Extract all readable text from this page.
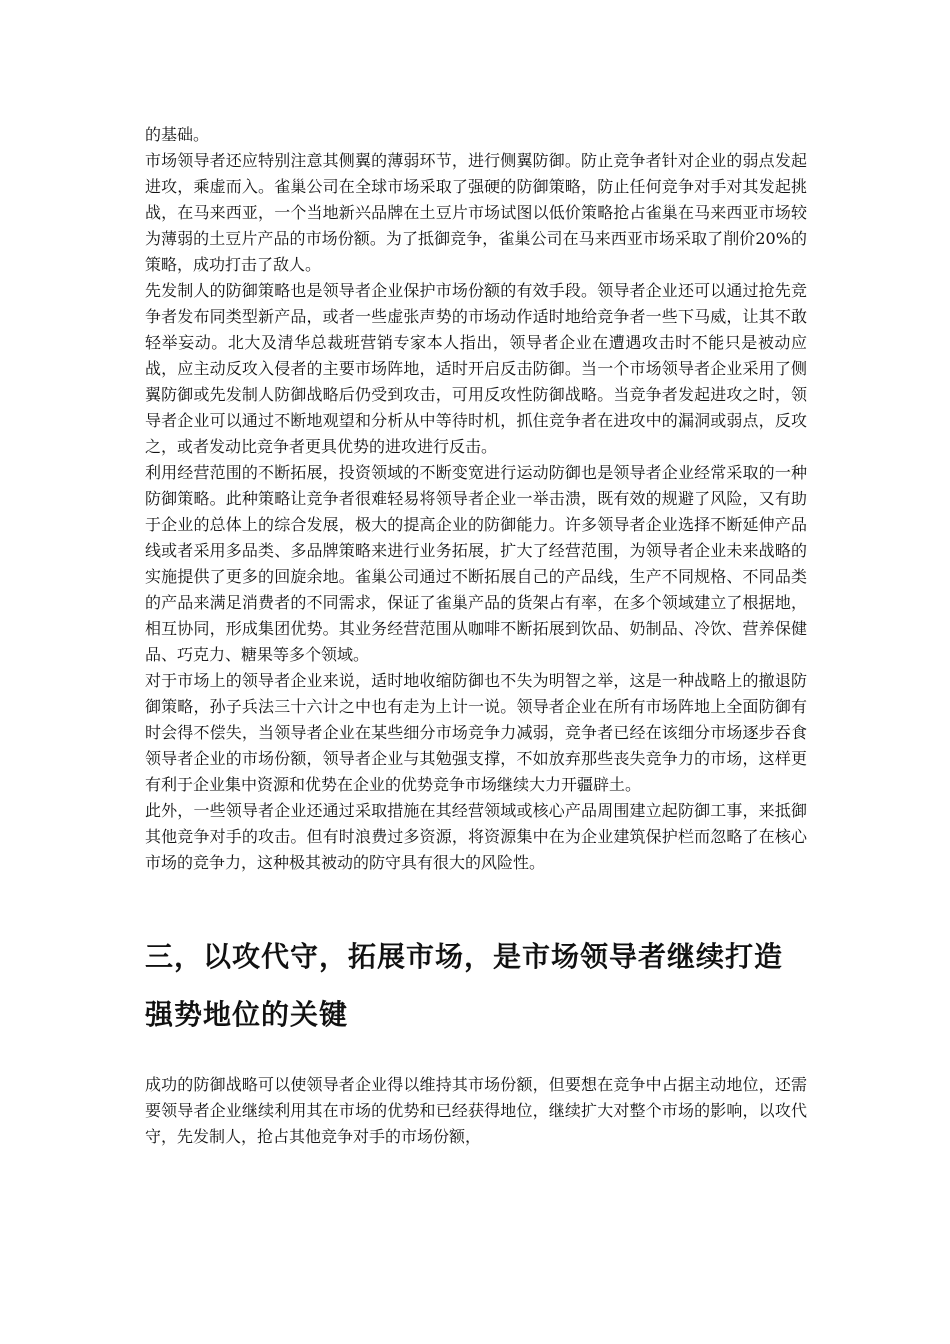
的基础。

市场领导者还应特别注意其侧翼的薄弱环节，进行侧翼防御。防止竞争者针对企业的弱点发起进攻，乘虚而入。雀巢公司在全球市场采取了强硬的防御策略，防止任何竞争对手对其发起挑战，在马来西亚，一个当地新兴品牌在土豆片市场试图以低价策略抢占雀巢在马来西亚市场较为薄弱的土豆片产品的市场份额。为了抵御竞争，雀巢公司在马来西亚市场采取了削价20%的策略，成功打击了敌人。

先发制人的防御策略也是领导者企业保护市场份额的有效手段。领导者企业还可以通过抢先竞争者发布同类型新产品，或者一些虚张声势的市场动作适时地给竞争者一些下马威，让其不敢轻举妄动。北大及清华总裁班营销专家本人指出，领导者企业在遭遇攻击时不能只是被动应战，应主动反攻入侵者的主要市场阵地，适时开启反击防御。当一个市场领导者企业采用了侧翼防御或先发制人防御战略后仍受到攻击，可用反攻性防御战略。当竞争者发起进攻之时，领导者企业可以通过不断地观望和分析从中等待时机，抓住竞争者在进攻中的漏洞或弱点，反攻之，或者发动比竞争者更具优势的进攻进行反击。

利用经营范围的不断拓展，投资领域的不断变宽进行运动防御也是领导者企业经常采取的一种防御策略。此种策略让竞争者很难轻易将领导者企业一举击溃，既有效的规避了风险，又有助于企业的总体上的综合发展，极大的提高企业的防御能力。许多领导者企业选择不断延伸产品线或者采用多品类、多品牌策略来进行业务拓展，扩大了经营范围，为领导者企业未来战略的实施提供了更多的回旋余地。雀巢公司通过不断拓展自己的产品线，生产不同规格、不同品类的产品来满足消费者的不同需求，保证了雀巢产品的货架占有率，在多个领域建立了根据地，相互协同，形成集团优势。其业务经营范围从咖啡不断拓展到饮品、奶制品、冷饮、营养保健品、巧克力、糖果等多个领域。

对于市场上的领导者企业来说，适时地收缩防御也不失为明智之举，这是一种战略上的撤退防御策略，孙子兵法三十六计之中也有走为上计一说。领导者企业在所有市场阵地上全面防御有时会得不偿失，当领导者企业在某些细分市场竞争力减弱，竞争者已经在该细分市场逐步吞食领导者企业的市场份额，领导者企业与其勉强支撑，不如放弃那些丧失竞争力的市场，这样更有利于企业集中资源和优势在企业的优势竞争市场继续大力开疆辟土。

此外，一些领导者企业还通过采取措施在其经营领域或核心产品周围建立起防御工事，来抵御其他竞争对手的攻击。但有时浪费过多资源，将资源集中在为企业建筑保护栏而忽略了在核心市场的竞争力，这种极其被动的防守具有很大的风险性。

三，以攻代守，拓展市场，是市场领导者继续打造强势地位的关键

成功的防御战略可以使领导者企业得以维持其市场份额，但要想在竞争中占据主动地位，还需要领导者企业继续利用其在市场的优势和已经获得地位，继续扩大对整个市场的影响，以攻代守，先发制人，抢占其他竞争对手的市场份额，
